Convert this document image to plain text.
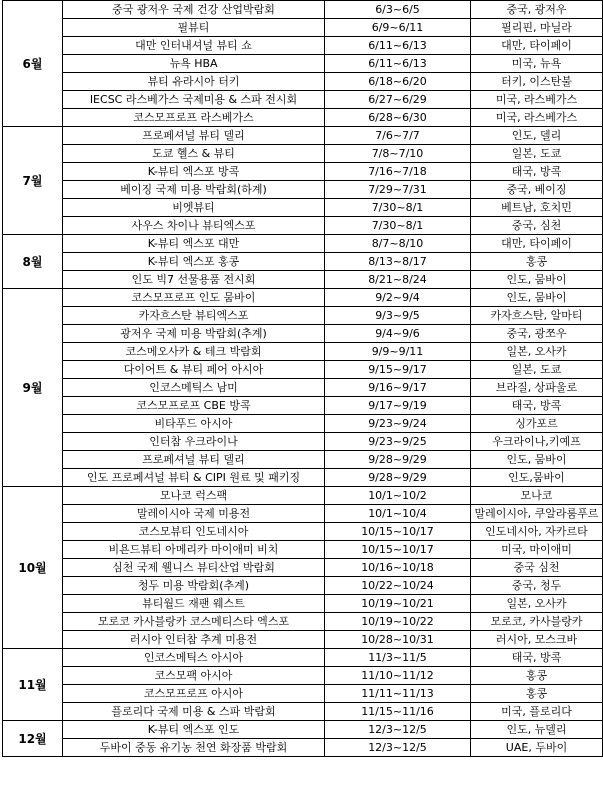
6월	중국 광저우 국제 건강 산업박람회	6/3~6/5	중국, 광저우
	필뷰티	6/9~6/11	필리핀, 마닐라
	대만 인터내셔널 뷰티 쇼	6/11~6/13	대만, 타이페이
	뉴욕 HBA	6/11~6/13	미국, 뉴욕
	뷰티 유라시아 터키	6/18~6/20	터키, 이스탄불
	IECSC 라스베가스 국제미용 & 스파 전시회	6/27~6/29	미국, 라스베가스
	코스모프로프 라스베가스	6/28~6/30	미국, 라스베가스
7월	프로페셔널 뷰티 델리	7/6~7/7	인도, 델리
	도쿄 헬스 & 뷰티	7/8~7/10	일본, 도쿄
	K-뷰티 엑스포 방콕	7/16~7/18	태국, 방콕
	베이징 국제 미용 박람회(하계)	7/29~7/31	중국, 베이징
	비엣뷰티	7/30~8/1	베트남, 호치민
	사우스 차이나 뷰티엑스포	7/30~8/1	중국, 심천
8월	K-뷰티 엑스포 대만	8/7~8/10	대만, 타이페이
	K-뷰티 엑스포 홍콩	8/13~8/17	홍콩
	인도 빅7 선물용품 전시회	8/21~8/24	인도, 뭄바이
9월	코스모프로프 인도 뭄바이	9/2~9/4	인도, 뭄바이
	카자흐스탄 뷰티엑스포	9/3~9/5	카자흐스탄, 알마티
	광저우 국제 미용 박람회(추계)	9/4~9/6	중국, 광쪼우
	코스메오사카 & 테크 박람회	9/9~9/11	일본, 오사카
	다이어트 & 뷰티 페어 아시아	9/15~9/17	일본, 도쿄
	인코스메틱스 남미	9/16~9/17	브라질, 상파울로
	코스모프로프 CBE 방콕	9/17~9/19	태국, 방콕
	비타푸드 아시아	9/23~9/24	싱가포르
	인터참 우크라이나	9/23~9/25	우크라이나,키예프
	프로페셔널 뷰티 델리	9/28~9/29	인도, 뭄바이
	인도 프로페셔널 뷰티 & CIPI 원료 및 패키징	9/28~9/29	인도,뭄바이
10월	모나코 럭스팩	10/1~10/2	모나코
	말레이시아 국제 미용전	10/1~10/4	말레이시아, 쿠알라룸푸르
	코스모뷰티 인도네시아	10/15~10/17	인도네시아, 자카르타
	비욘드뷰티 아메리카 마이애미 비치	10/15~10/17	미국, 마이애미
	심천 국제 웰니스 뷰티산업 박람회	10/16~10/18	중국 심천
	청두 미용 박람회(추계)	10/22~10/24	중국, 청두
	뷰티월드 재팬 웨스트	10/19~10/21	일본, 오사카
	모로코 카사블랑카 코스메티스타 엑스포	10/19~10/22	모로코, 카사블랑카
	러시아 인터참 추계 미용전	10/28~10/31	러시아, 모스크바
11월	인코스메틱스 아시아	11/3~11/5	태국, 방콕
	코스모팩 아시아	11/10~11/12	홍콩
	코스모프로프 아시아	11/11~11/13	홍콩
	플로리다 국제 미용 & 스파 박람회	11/15~11/16	미국, 플로리다
12월	K-뷰티 엑스포 인도	12/3~12/5	인도, 뉴델리
	두바이 중동 유기농 천연 화장품 박람회	12/3~12/5	UAE, 두바이
